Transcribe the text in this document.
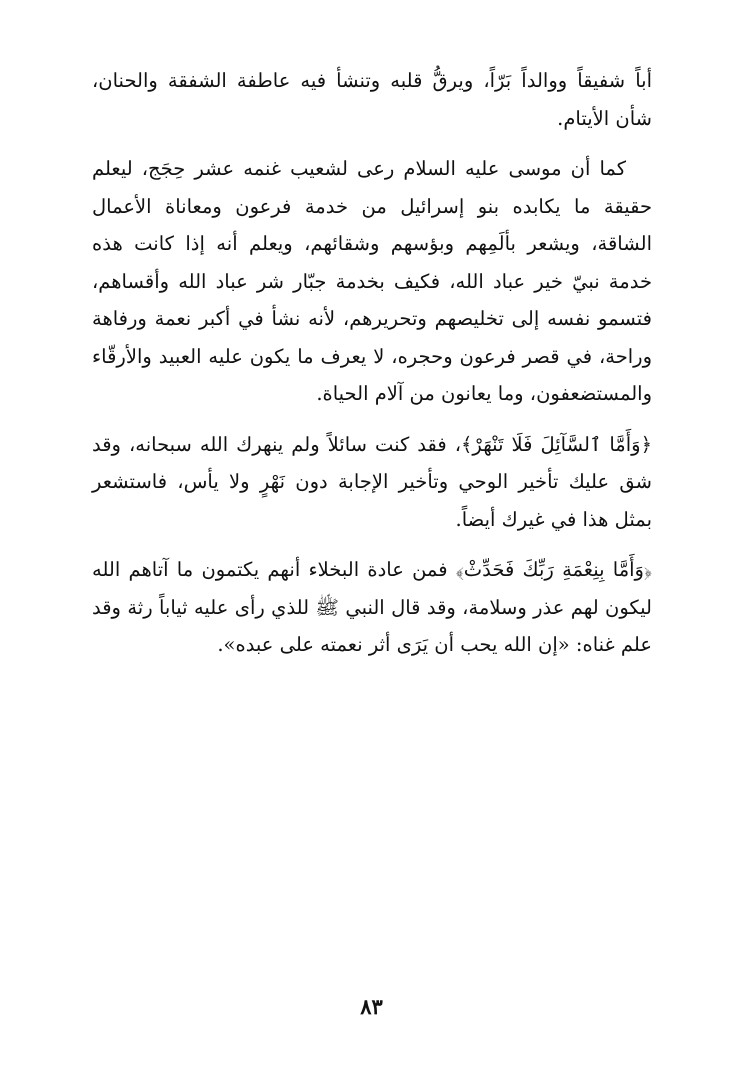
أباً شفيقاً ووالداً بَرّاً، ويرقُّ قلبه وتنشأ فيه عاطفة الشفقة والحنان، شأن الأيتام.

كما أن موسى عليه السلام رعى لشعيب غنمه عشر حِجَج، ليعلم حقيقة ما يكابده بنو إسرائيل من خدمة فرعون ومعاناة الأعمال الشاقة، ويشعر بألَمِهم وبؤسهم وشقائهم، ويعلم أنه إذا كانت هذه خدمة نبيّ خير عباد الله، فكيف بخدمة جبّار شر عباد الله وأقساهم، فتسمو نفسه إلى تخليصهم وتحريرهم، لأنه نشأ في أكبر نعمة ورفاهة وراحة، في قصر فرعون وحجره، لا يعرف ما يكون عليه العبيد والأرقّاء والمستضعفون، وما يعانون من آلام الحياة.

﴿وَأَمَّا ٱلسَّآئِلَ فَلَا تَنْهَرْ﴾، فقد كنت سائلاً ولم ينهرك الله سبحانه، وقد شق عليك تأخير الوحي وتأخير الإجابة دون نَهْرٍ ولا يأس، فاستشعر بمثل هذا في غيرك أيضاً.

﴿وَأَمَّا بِنِعْمَةِ رَبِّكَ فَحَدِّثْ﴾ فمن عادة البخلاء أنهم يكتمون ما آتاهم الله ليكون لهم عذر وسلامة، وقد قال النبي ﷺ للذي رأى عليه ثياباً رثة وقد علم غناه: «إن الله يحب أن يَرَى أثر نعمته على عبده».

٨٣
